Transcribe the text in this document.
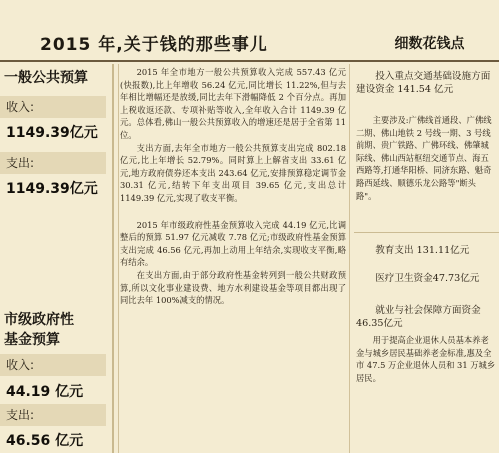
2015 年,关于钱的那些事儿	细数花钱点
一般公共预算
收入:
1149.39亿元
支出:
1149.39亿元
市级政府性
基金预算
收入:
44.19 亿元
支出:
46.56 亿元

2015 年全市地方一般公共预算收入完成 557.43 亿元(快报数),比上年增收 56.24 亿元,同比增长 11.22%,但与去年相比增幅还是放缓,同比去年下滑幅降低 2 个百分点。再加上税收返还款、专项补贴等收入,全年收入合计 1149.39 亿元。总体看,佛山一般公共预算收入的增速还是居于全省第 11 位。

支出方面,去年全市地方一般公共预算支出完成 802.18 亿元,比上年增长 52.79%。同时算上上解省支出 33.61 亿元,地方政府债券还本支出 243.64 亿元,安排预算稳定调节金 30.31 亿元,结转下年支出项目 39.65 亿元,支出总计 1149.39 亿元,实现了收支平衡。

2015 年市级政府性基金预算收入完成 44.19 亿元,比调整后的预算 51.97 亿元减收 7.78 亿元;市级政府性基金预算支出完成 46.56 亿元,再加上动用上年结余,实现收支平衡,略有结余。

在支出方面,由于部分政府性基金转列到一般公共财政预算,所以文化事业建设费、地方水利建设基金等项目都出现了同比去年 100%减支的情况。

投入重点交通基础设施方面建设资金 141.54 亿元
主要涉及:广佛线首通段、广佛线二期、佛山地铁 2 号线一期、3 号线前期、贵广铁路、广佛环线、佛肇城际线、佛山西站枢纽交通节点、海五西路等,打通华阳桥、同济东路、魁奇路西延线、顺德乐龙公路等"断头路"。
教育支出 131.11亿元
医疗卫生资金47.73亿元
就业与社会保障方面资金46.35亿元
用于提高企业退休人员基本养老金与城乡居民基础养老金标准,惠及全市 47.5 万企业退休人员和 31 万城乡居民。
